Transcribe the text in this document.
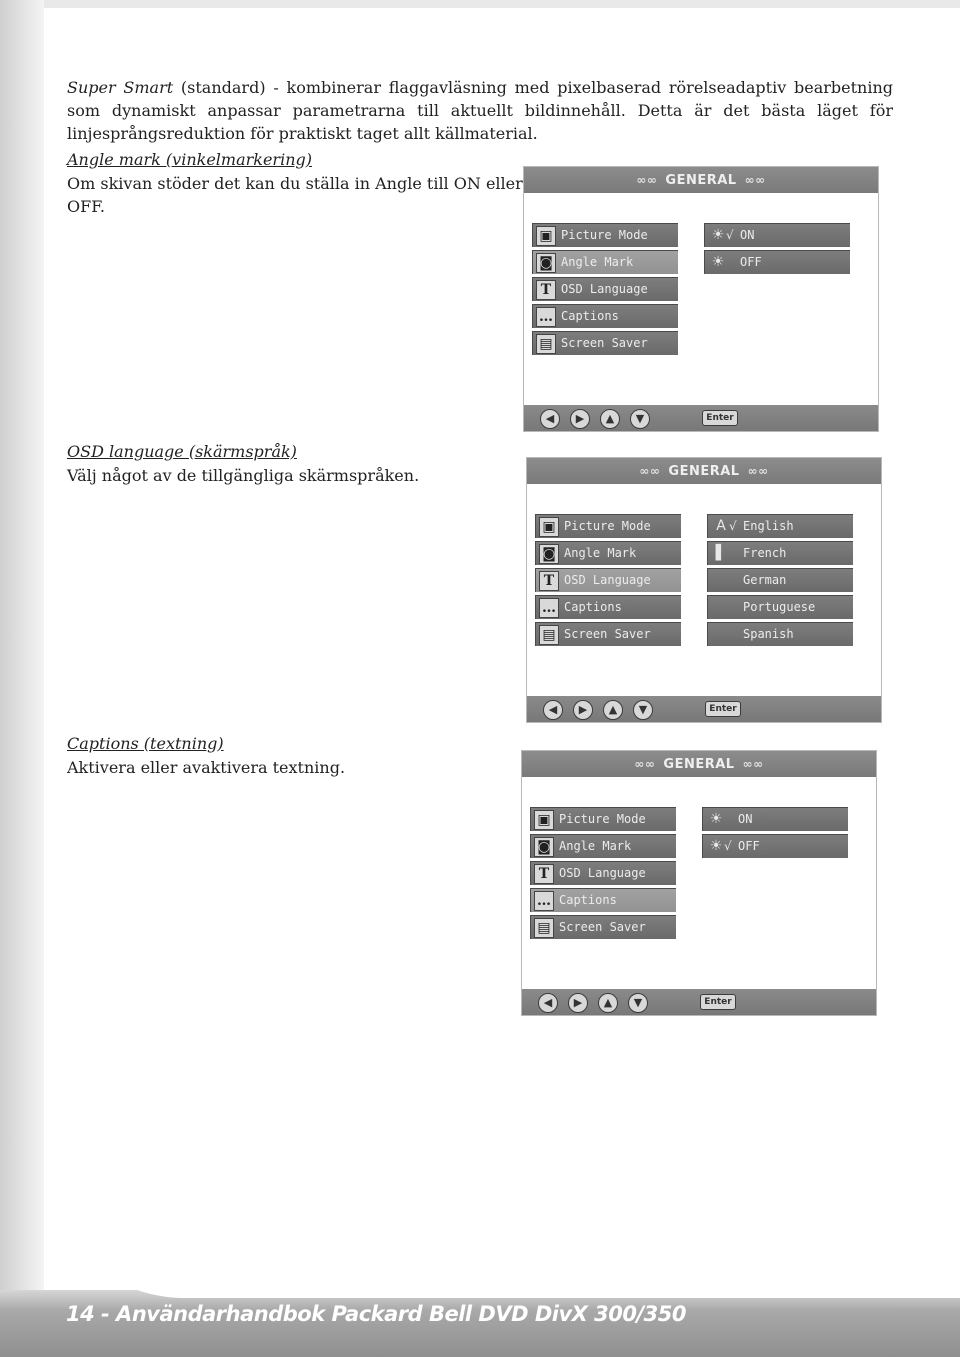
Super Smart (standard) - kombinerar flaggavläsning med pixelbaserad rörelseadaptiv bearbetning som dynamiskt anpassar parametrarna till aktuellt bildinnehåll. Detta är det bästa läget för linjesprångsreduktion för praktiskt taget allt källmaterial.
Angle mark (vinkelmarkering)
Om skivan stöder det kan du ställa in Angle till ON eller
OFF.
OSD language (skärmspråk)
Välj något av de tillgängliga skärmspråken.
Captions (textning)
Aktivera eller avaktivera textning.
∞∞ GENERAL ∞∞
▣ Picture Mode
◙ Angle Mark
T OSD Language
… Captions
▤ Screen Saver
☀ √ ON
☀ OFF
◀	▶	▲	▼	Enter
∞∞ GENERAL ∞∞
▣ Picture Mode
◙ Angle Mark
T OSD Language
… Captions
▤ Screen Saver
A √ English
▌ French
German
Portuguese
Spanish
◀	▶	▲	▼	Enter
∞∞ GENERAL ∞∞
▣ Picture Mode
◙ Angle Mark
T OSD Language
… Captions
▤ Screen Saver
☀ ON
☀ √ OFF
◀	▶	▲	▼	Enter
14 - Användarhandbok Packard Bell DVD DivX 300/350
